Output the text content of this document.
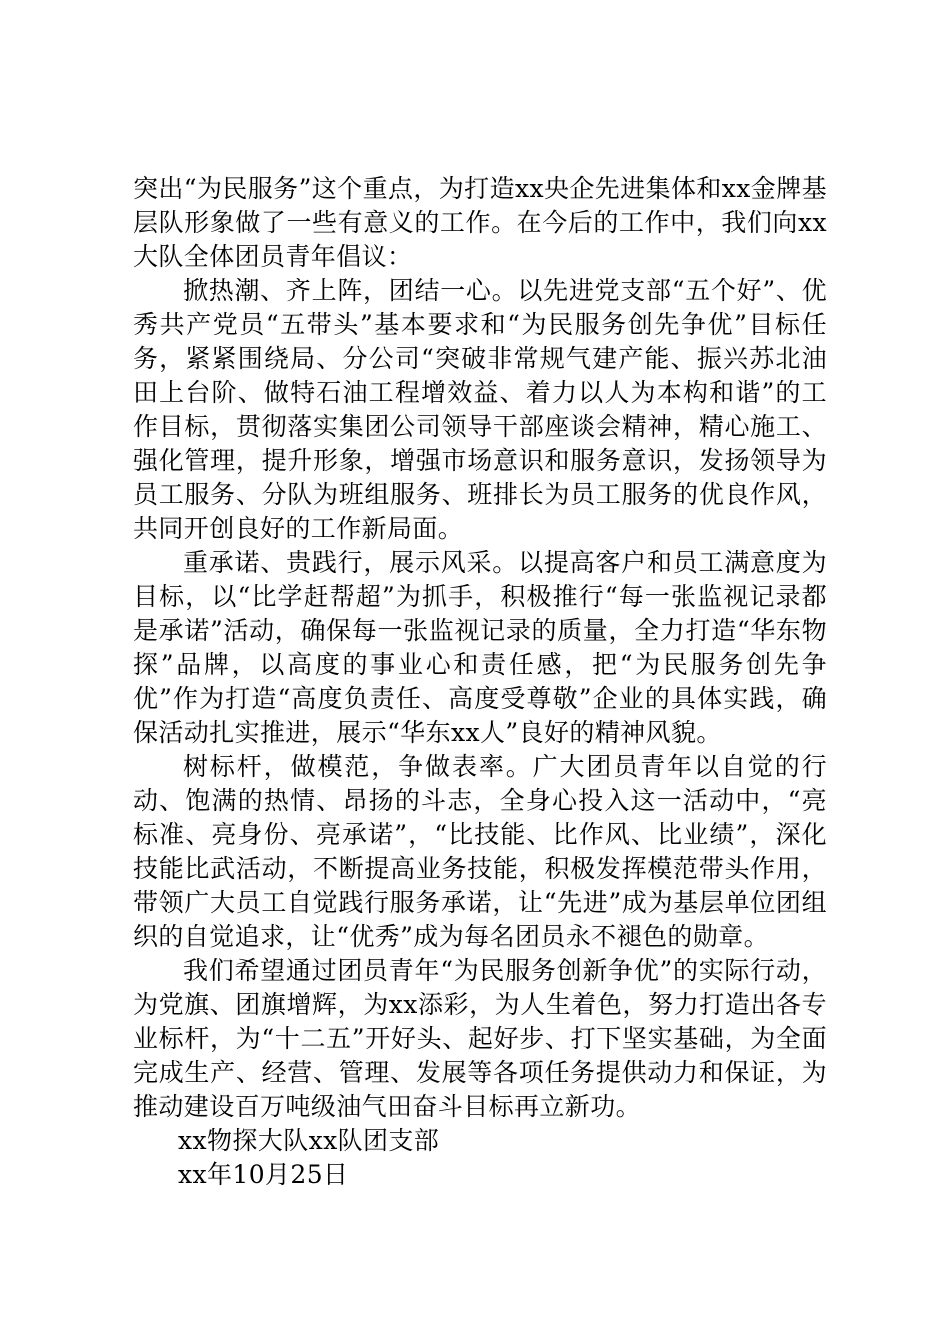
突出“为民服务”这个重点，为打造xx央企先进集体和xx金牌基层队形象做了一些有意义的工作。在今后的工作中，我们向xx大队全体团员青年倡议：

掀热潮、齐上阵，团结一心。以先进党支部“五个好”、优秀共产党员“五带头”基本要求和“为民服务创先争优”目标任务，紧紧围绕局、分公司“突破非常规气建产能、振兴苏北油田上台阶、做特石油工程增效益、着力以人为本构和谐”的工作目标，贯彻落实集团公司领导干部座谈会精神，精心施工、强化管理，提升形象，增强市场意识和服务意识，发扬领导为员工服务、分队为班组服务、班排长为员工服务的优良作风，共同开创良好的工作新局面。

重承诺、贵践行，展示风采。以提高客户和员工满意度为目标，以“比学赶帮超”为抓手，积极推行“每一张监视记录都是承诺”活动，确保每一张监视记录的质量，全力打造“华东物探”品牌，以高度的事业心和责任感，把“为民服务创先争优”作为打造“高度负责任、高度受尊敬”企业的具体实践，确保活动扎实推进，展示“华东xx人”良好的精神风貌。

树标杆，做模范，争做表率。广大团员青年以自觉的行动、饱满的热情、昂扬的斗志，全身心投入这一活动中，“亮标准、亮身份、亮承诺”，“比技能、比作风、比业绩”，深化技能比武活动，不断提高业务技能，积极发挥模范带头作用，带领广大员工自觉践行服务承诺，让“先进”成为基层单位团组织的自觉追求，让“优秀”成为每名团员永不褪色的勋章。

我们希望通过团员青年“为民服务创新争优”的实际行动，为党旗、团旗增辉，为xx添彩，为人生着色，努力打造出各专业标杆，为“十二五”开好头、起好步、打下坚实基础，为全面完成生产、经营、管理、发展等各项任务提供动力和保证，为推动建设百万吨级油气田奋斗目标再立新功。

xx物探大队xx队团支部

xx年10月25日
